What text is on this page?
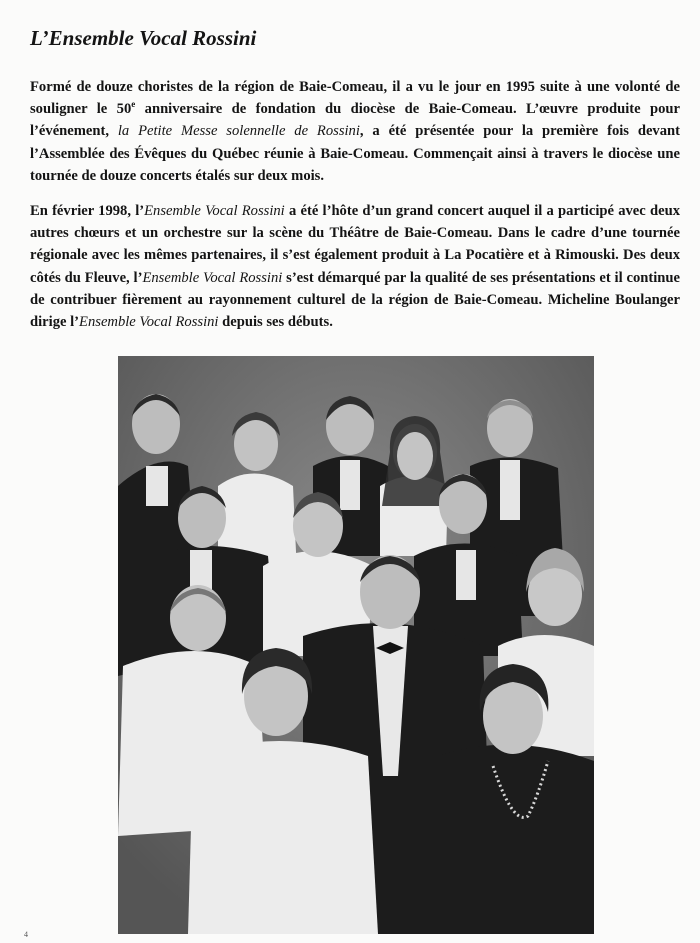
L’Ensemble Vocal Rossini

Formé de douze choristes de la région de Baie-Comeau, il a vu le jour en 1995 suite à une volonté de souligner le 50e anniversaire de fondation du diocèse de Baie-Comeau. L’œuvre produite pour l’événement, la Petite Messe solennelle de Rossini, a été présentée pour la première fois devant l’Assemblée des Évêques du Québec réunie à Baie-Comeau. Commençait ainsi à travers le diocèse une tournée de douze concerts étalés sur deux mois.

En février 1998, l’Ensemble Vocal Rossini a été l’hôte d’un grand concert auquel il a participé avec deux autres chœurs et un orchestre sur la scène du Théâtre de Baie-Comeau. Dans le cadre d’une tournée régionale avec les mêmes partenaires, il s’est également produit à La Pocatière et à Rimouski. Des deux côtés du Fleuve, l’Ensemble Vocal Rossini s’est démarqué par la qualité de ses présentations et il continue de contribuer fièrement au rayonnement culturel de la région de Baie-Comeau. Micheline Boulanger dirige l’Ensemble Vocal Rossini depuis ses débuts.

4
